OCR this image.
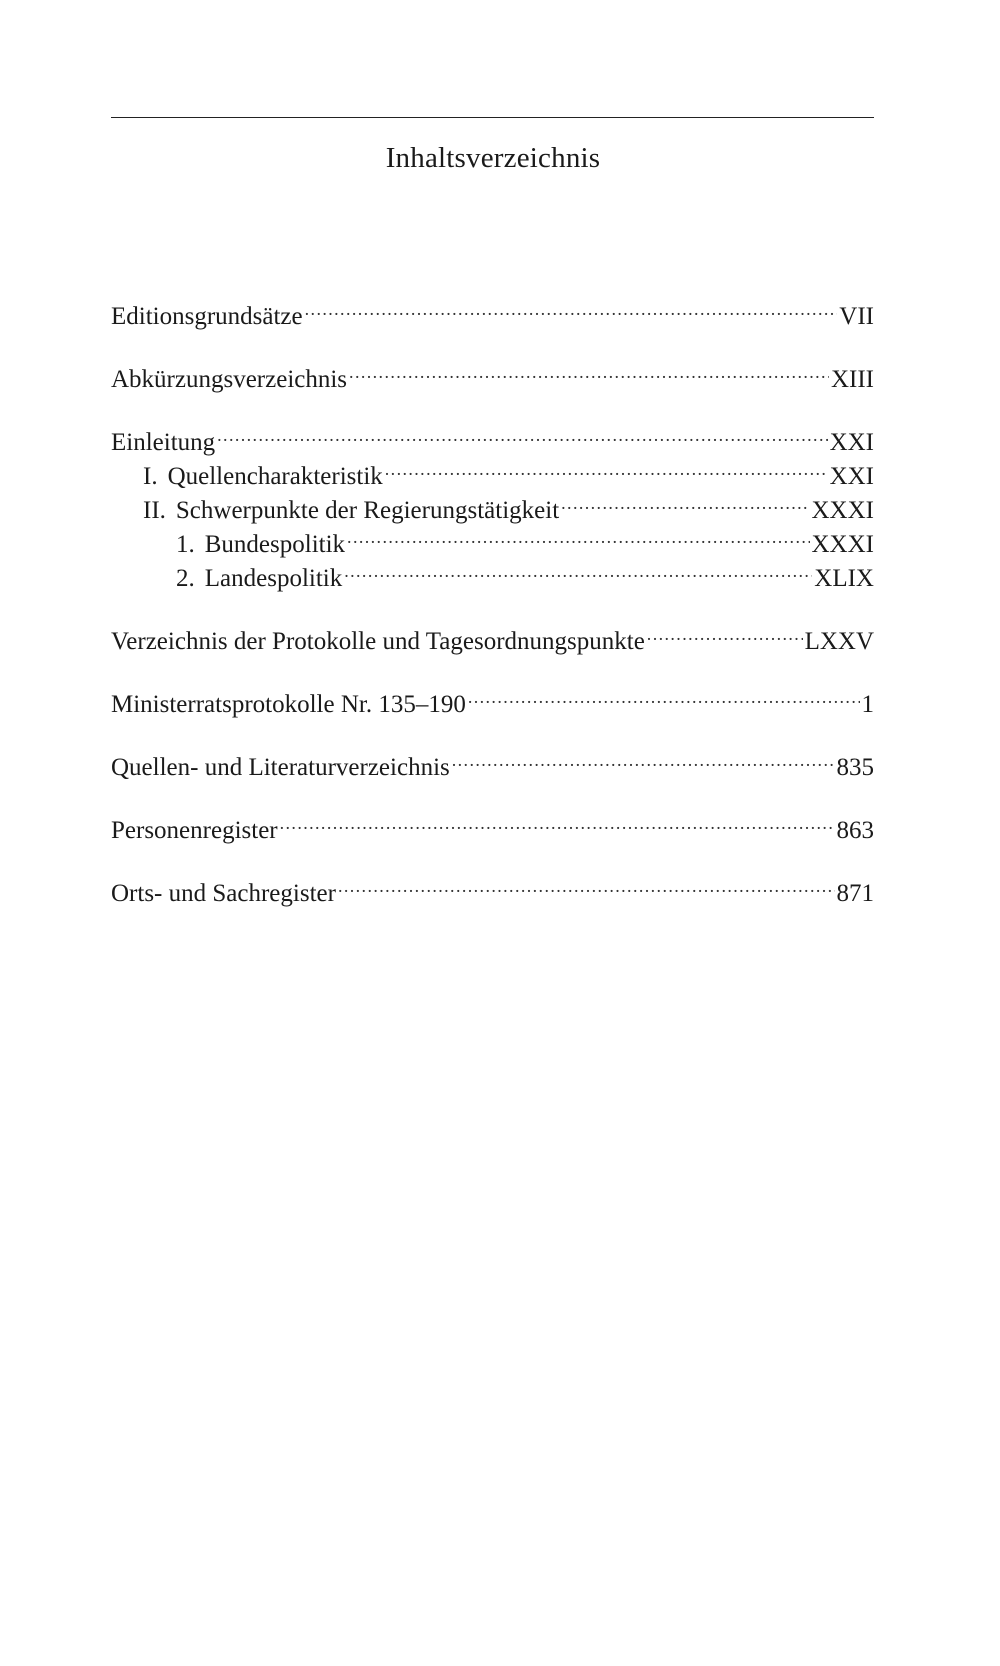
Inhaltsverzeichnis
Editionsgrundsätze .....	VII
Abkürzungsverzeichnis .....	XIII
Einleitung .....	XXI
I. Quellencharakteristik .....	XXI
II. Schwerpunkte der Regierungstätigkeit .....	XXXI
1. Bundespolitik .....	XXXI
2. Landespolitik .....	XLIX
Verzeichnis der Protokolle und Tagesordnungspunkte .....	LXXV
Ministerratsprotokolle Nr. 135–190 .....	1
Quellen- und Literaturverzeichnis .....	835
Personenregister .....	863
Orts- und Sachregister .....	871
